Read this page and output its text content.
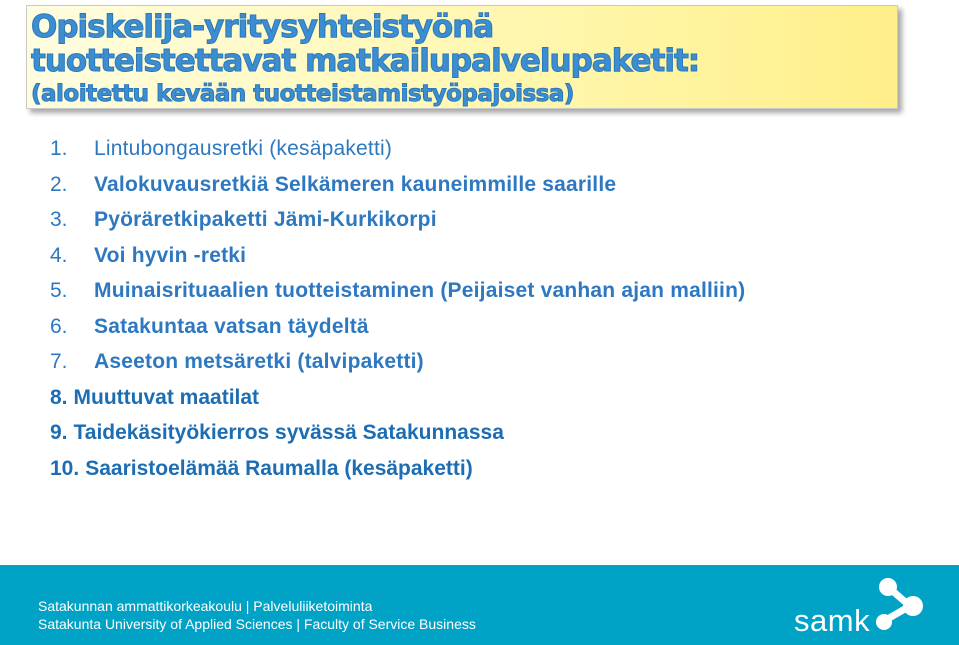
Opiskelija-yritysyhteistyönä

tuotteistettavat matkailupalvelupaketit:

(aloitettu kevään tuotteistamistyöpajoissa)

1.	Lintubongausretki (kesäpaketti)
2.	Valokuvausretkiä Selkämeren kauneimmille saarille
3.	Pyöräretkipaketti Jämi-Kurkikorpi
4.	Voi hyvin -retki
5.	Muinaisrituaalien tuotteistaminen (Peijaiset vanhan ajan malliin)
6.	Satakuntaa vatsan täydeltä
7.	Aseeton metsäretki (talvipaketti)
8. Muuttuvat maatilat
9. Taidekäsityökierros syvässä Satakunnassa
10. Saaristoelämää Raumalla (kesäpaketti)
Satakunnan ammattikorkeakoulu | Palveluliiketoiminta
Satakunta University of Applied Sciences | Faculty of Service Business	samk
